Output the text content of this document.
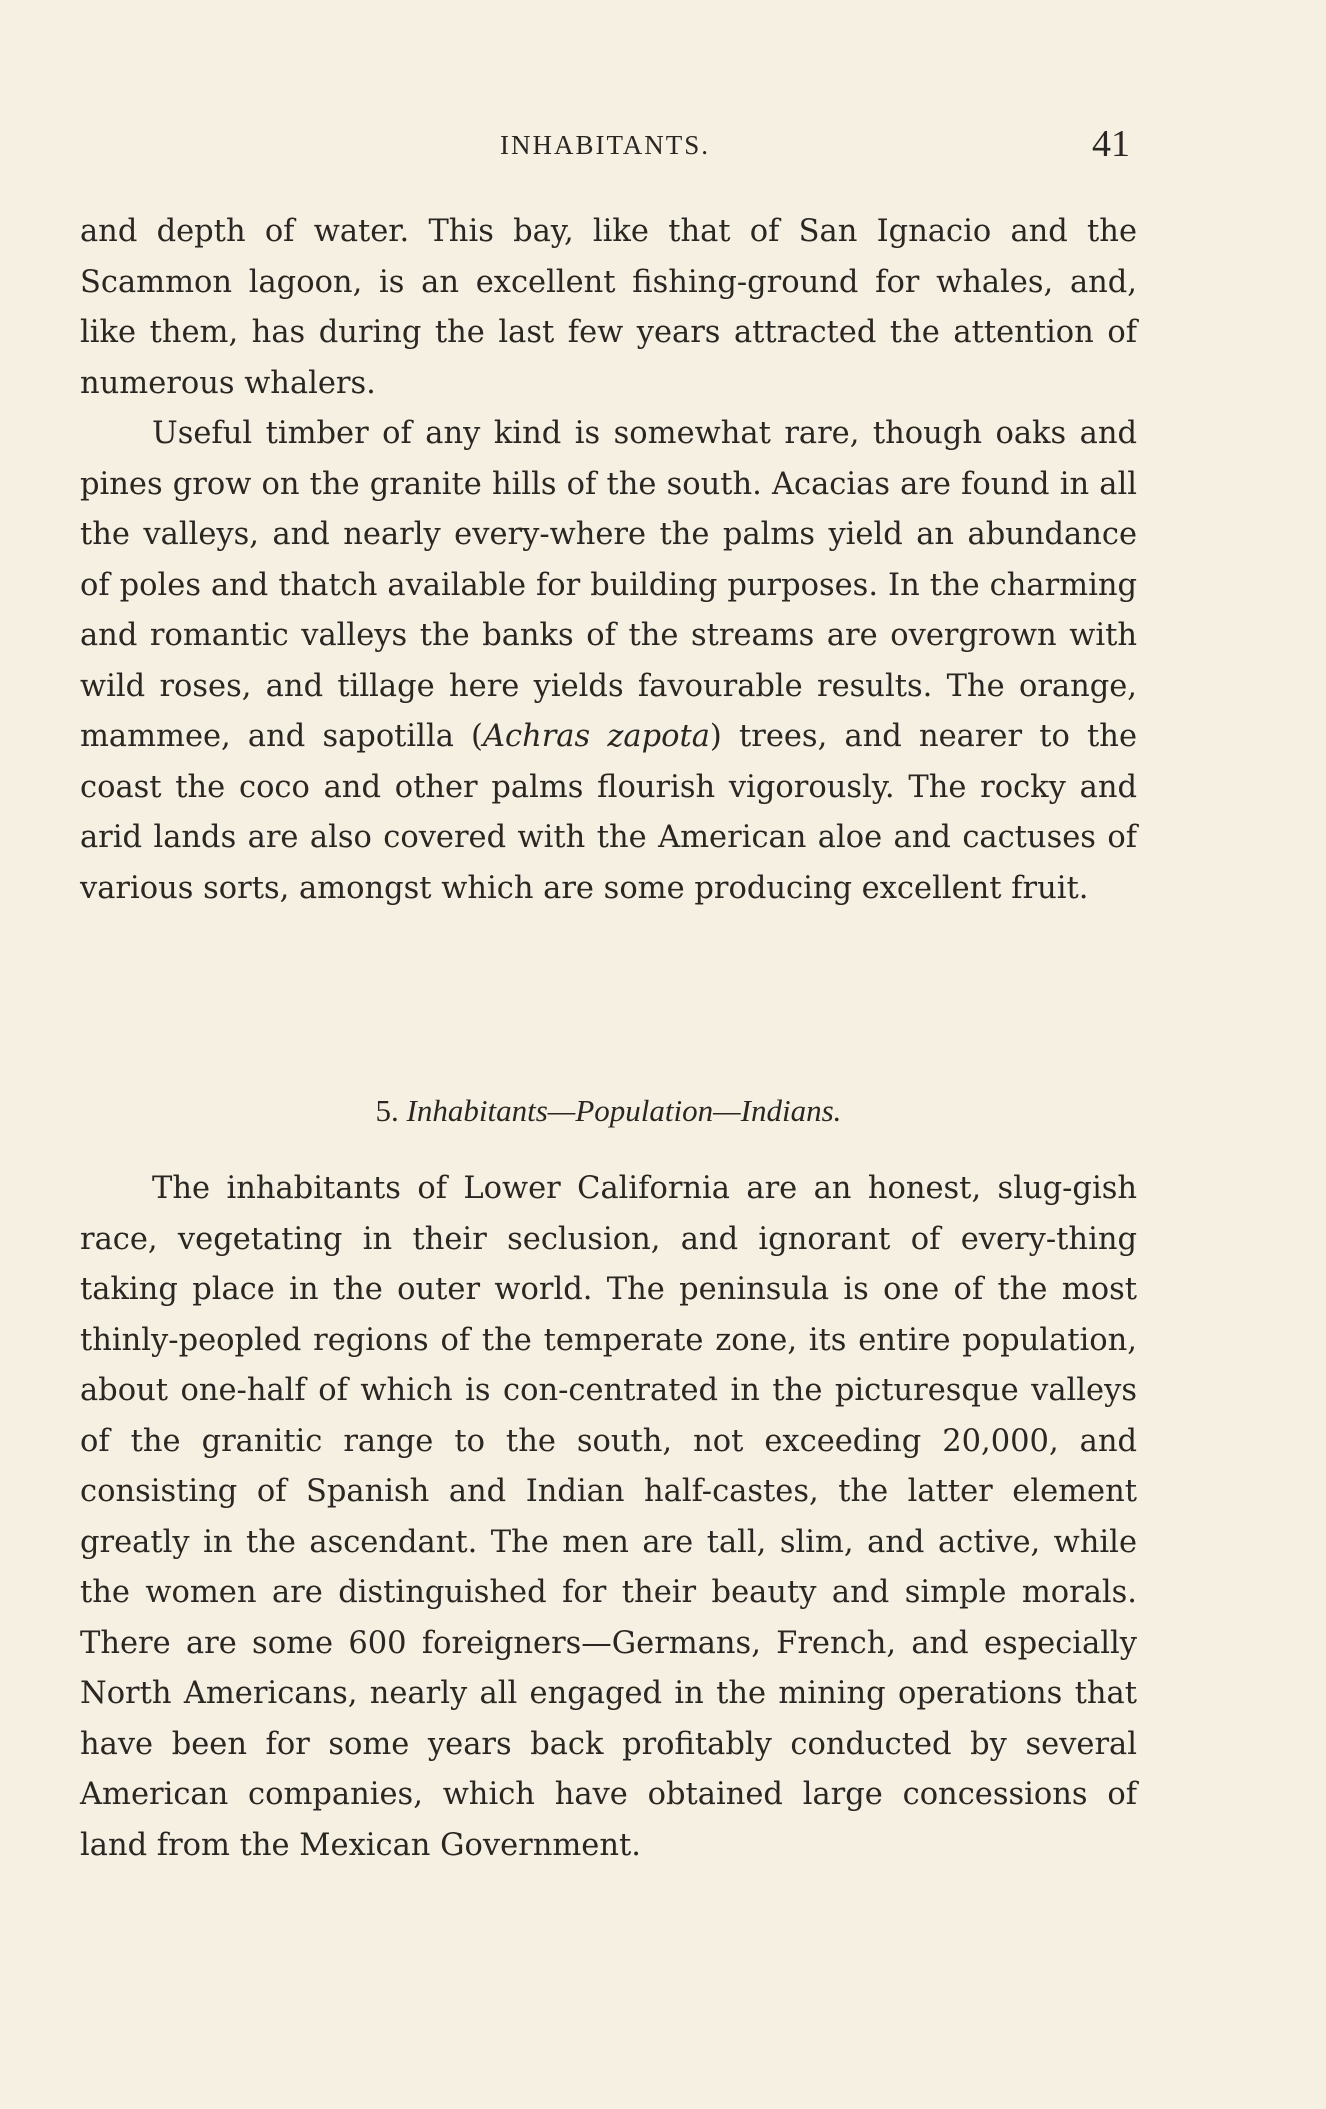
INHABITANTS.	41

and depth of water. This bay, like that of San Ignacio and the Scammon lagoon, is an excellent fishing-ground for whales, and, like them, has during the last few years attracted the attention of numerous whalers.

Useful timber of any kind is somewhat rare, though oaks and pines grow on the granite hills of the south. Acacias are found in all the valleys, and nearly every-where the palms yield an abundance of poles and thatch available for building purposes. In the charming and romantic valleys the banks of the streams are overgrown with wild roses, and tillage here yields favourable results. The orange, mammee, and sapotilla (Achras zapota) trees, and nearer to the coast the coco and other palms flourish vigorously. The rocky and arid lands are also covered with the American aloe and cactuses of various sorts, amongst which are some producing excellent fruit.

5. Inhabitants—Population—Indians.

The inhabitants of Lower California are an honest, slug-gish race, vegetating in their seclusion, and ignorant of every-thing taking place in the outer world. The peninsula is one of the most thinly-peopled regions of the temperate zone, its entire population, about one-half of which is con-centrated in the picturesque valleys of the granitic range to the south, not exceeding 20,000, and consisting of Spanish and Indian half-castes, the latter element greatly in the ascendant. The men are tall, slim, and active, while the women are distinguished for their beauty and simple morals. There are some 600 foreigners—Germans, French, and especially North Americans, nearly all engaged in the mining operations that have been for some years back profitably conducted by several American companies, which have obtained large concessions of land from the Mexican Government.
